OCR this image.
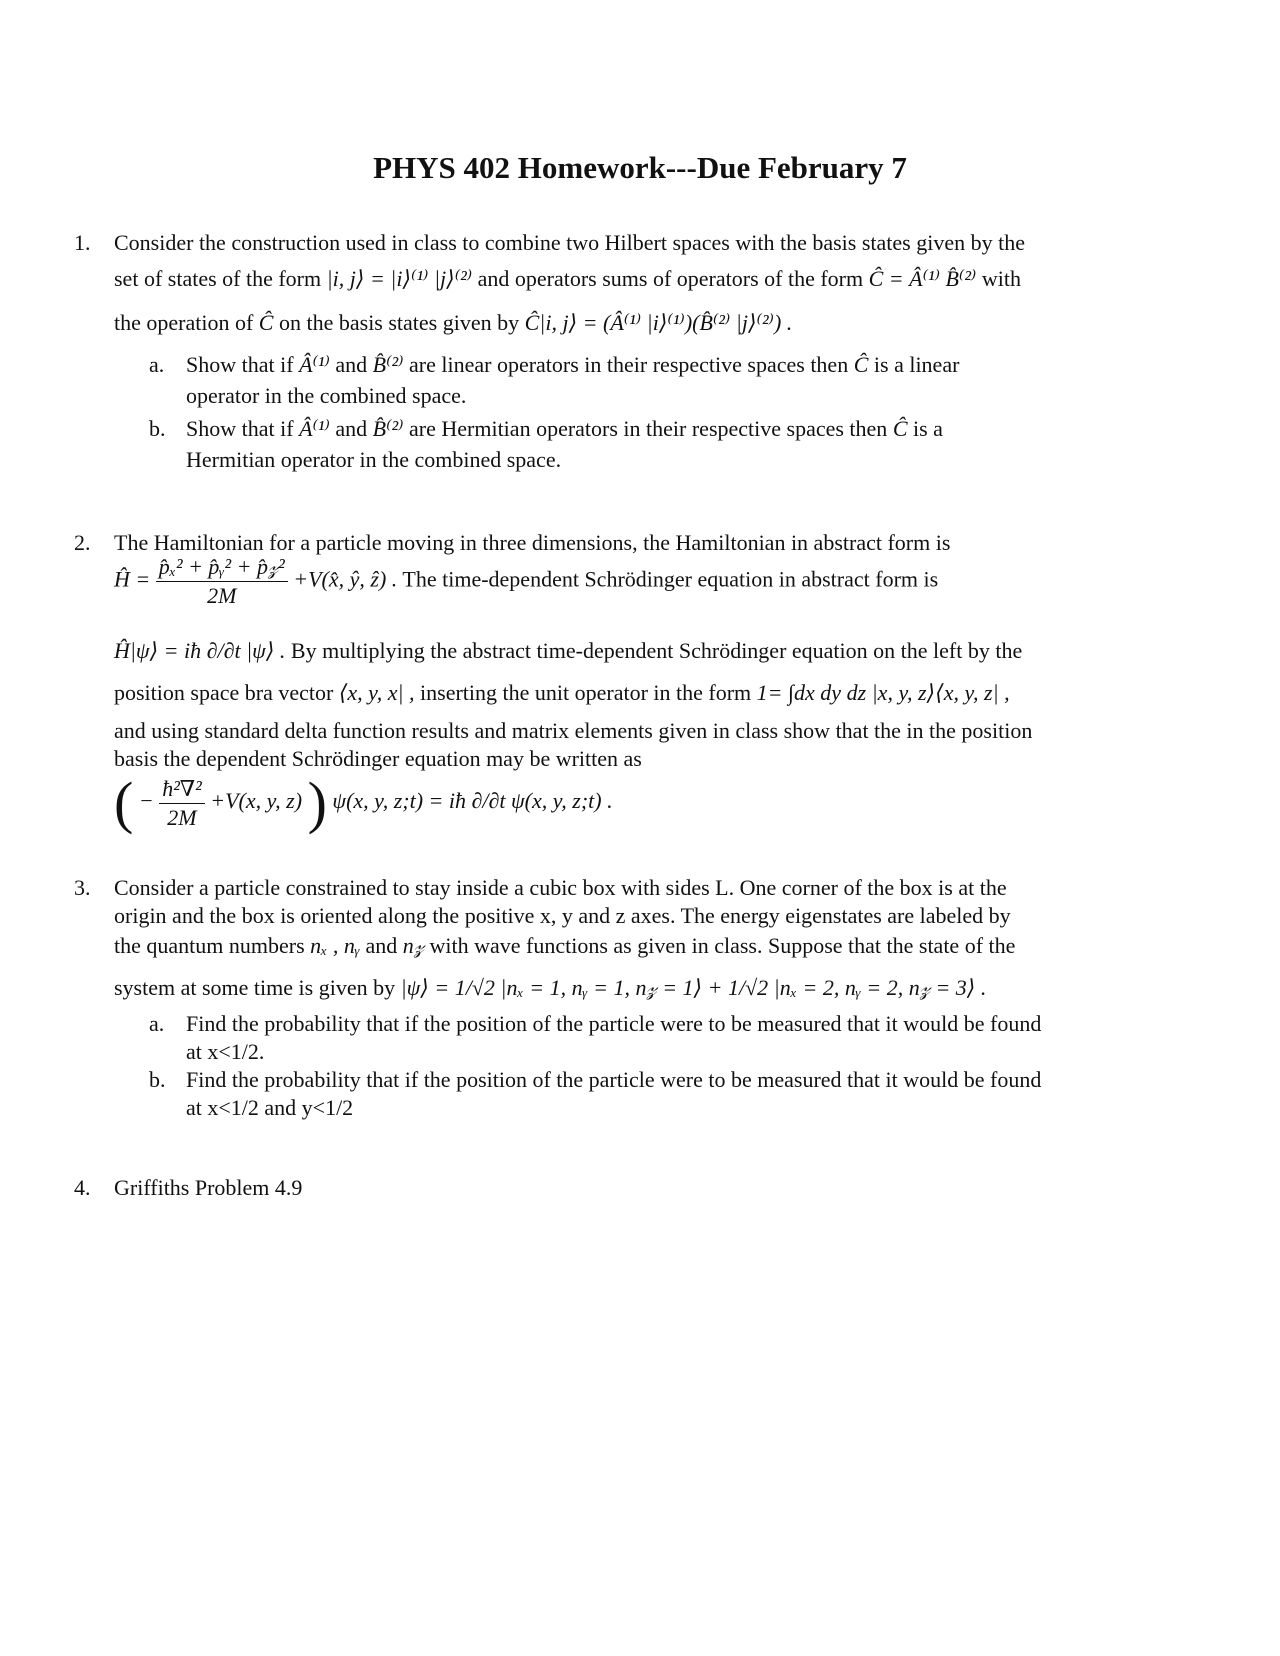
PHYS 402 Homework---Due February 7
1. Consider the construction used in class to combine two Hilbert spaces with the basis states given by the
set of states of the form |i, j⟩ = |i⟩⁽¹⁾ |j⟩⁽²⁾ and operators sums of operators of the form Ĉ = Â⁽¹⁾ B̂⁽²⁾ with
the operation of Ĉ on the basis states given by Ĉ|i, j⟩ = (Â⁽¹⁾ |i⟩⁽¹⁾)(B̂⁽²⁾ |j⟩⁽²⁾) .
a. Show that if Â⁽¹⁾ and B̂⁽²⁾ are linear operators in their respective spaces then Ĉ is a linear
operator in the combined space.
b. Show that if Â⁽¹⁾ and B̂⁽²⁾ are Hermitian operators in their respective spaces then Ĉ is a
Hermitian operator in the combined space.
2. The Hamiltonian for a particle moving in three dimensions, the Hamiltonian in abstract form is
Ĥ = $\frac{\text{p̂ₓ² + p̂ᵧ² + p̂𝓏²}}{2M}$ +V(x̂, ŷ, ẑ) . The time-dependent Schrödinger equation in abstract form is
Ĥ|ψ⟩ = iħ ∂/∂t |ψ⟩ . By multiplying the abstract time-dependent Schrödinger equation on the left by the
position space bra vector ⟨x, y, x| , inserting the unit operator in the form 1= ∫dx dy dz |x, y, z⟩⟨x, y, z| ,
and using standard delta function results and matrix elements given in class show that the in the position
basis the dependent Schrödinger equation may be written as
( − $\frac{\text{ħ²∇²}}{2M} +V(x$, y, z) ) ψ(x, y, z;t) = iħ ∂/∂t ψ(x, y, z;t) .
3. Consider a particle constrained to stay inside a cubic box with sides L. One corner of the box is at the
origin and the box is oriented along the positive x, y and z axes. The energy eigenstates are labeled by
the quantum numbers nₓ , nᵧ and n𝓏 with wave functions as given in class. Suppose that the state of the
system at some time is given by |ψ⟩ = 1/√2 |nₓ = 1, nᵧ = 1, n𝓏 = 1⟩ + 1/√2 |nₓ = 2, nᵧ = 2, n𝓏 = 3⟩ .
a. Find the probability that if the position of the particle were to be measured that it would be found
at x<1/2.
b. Find the probability that if the position of the particle were to be measured that it would be found
at x<1/2 and y<1/2
4. Griffiths Problem 4.9
